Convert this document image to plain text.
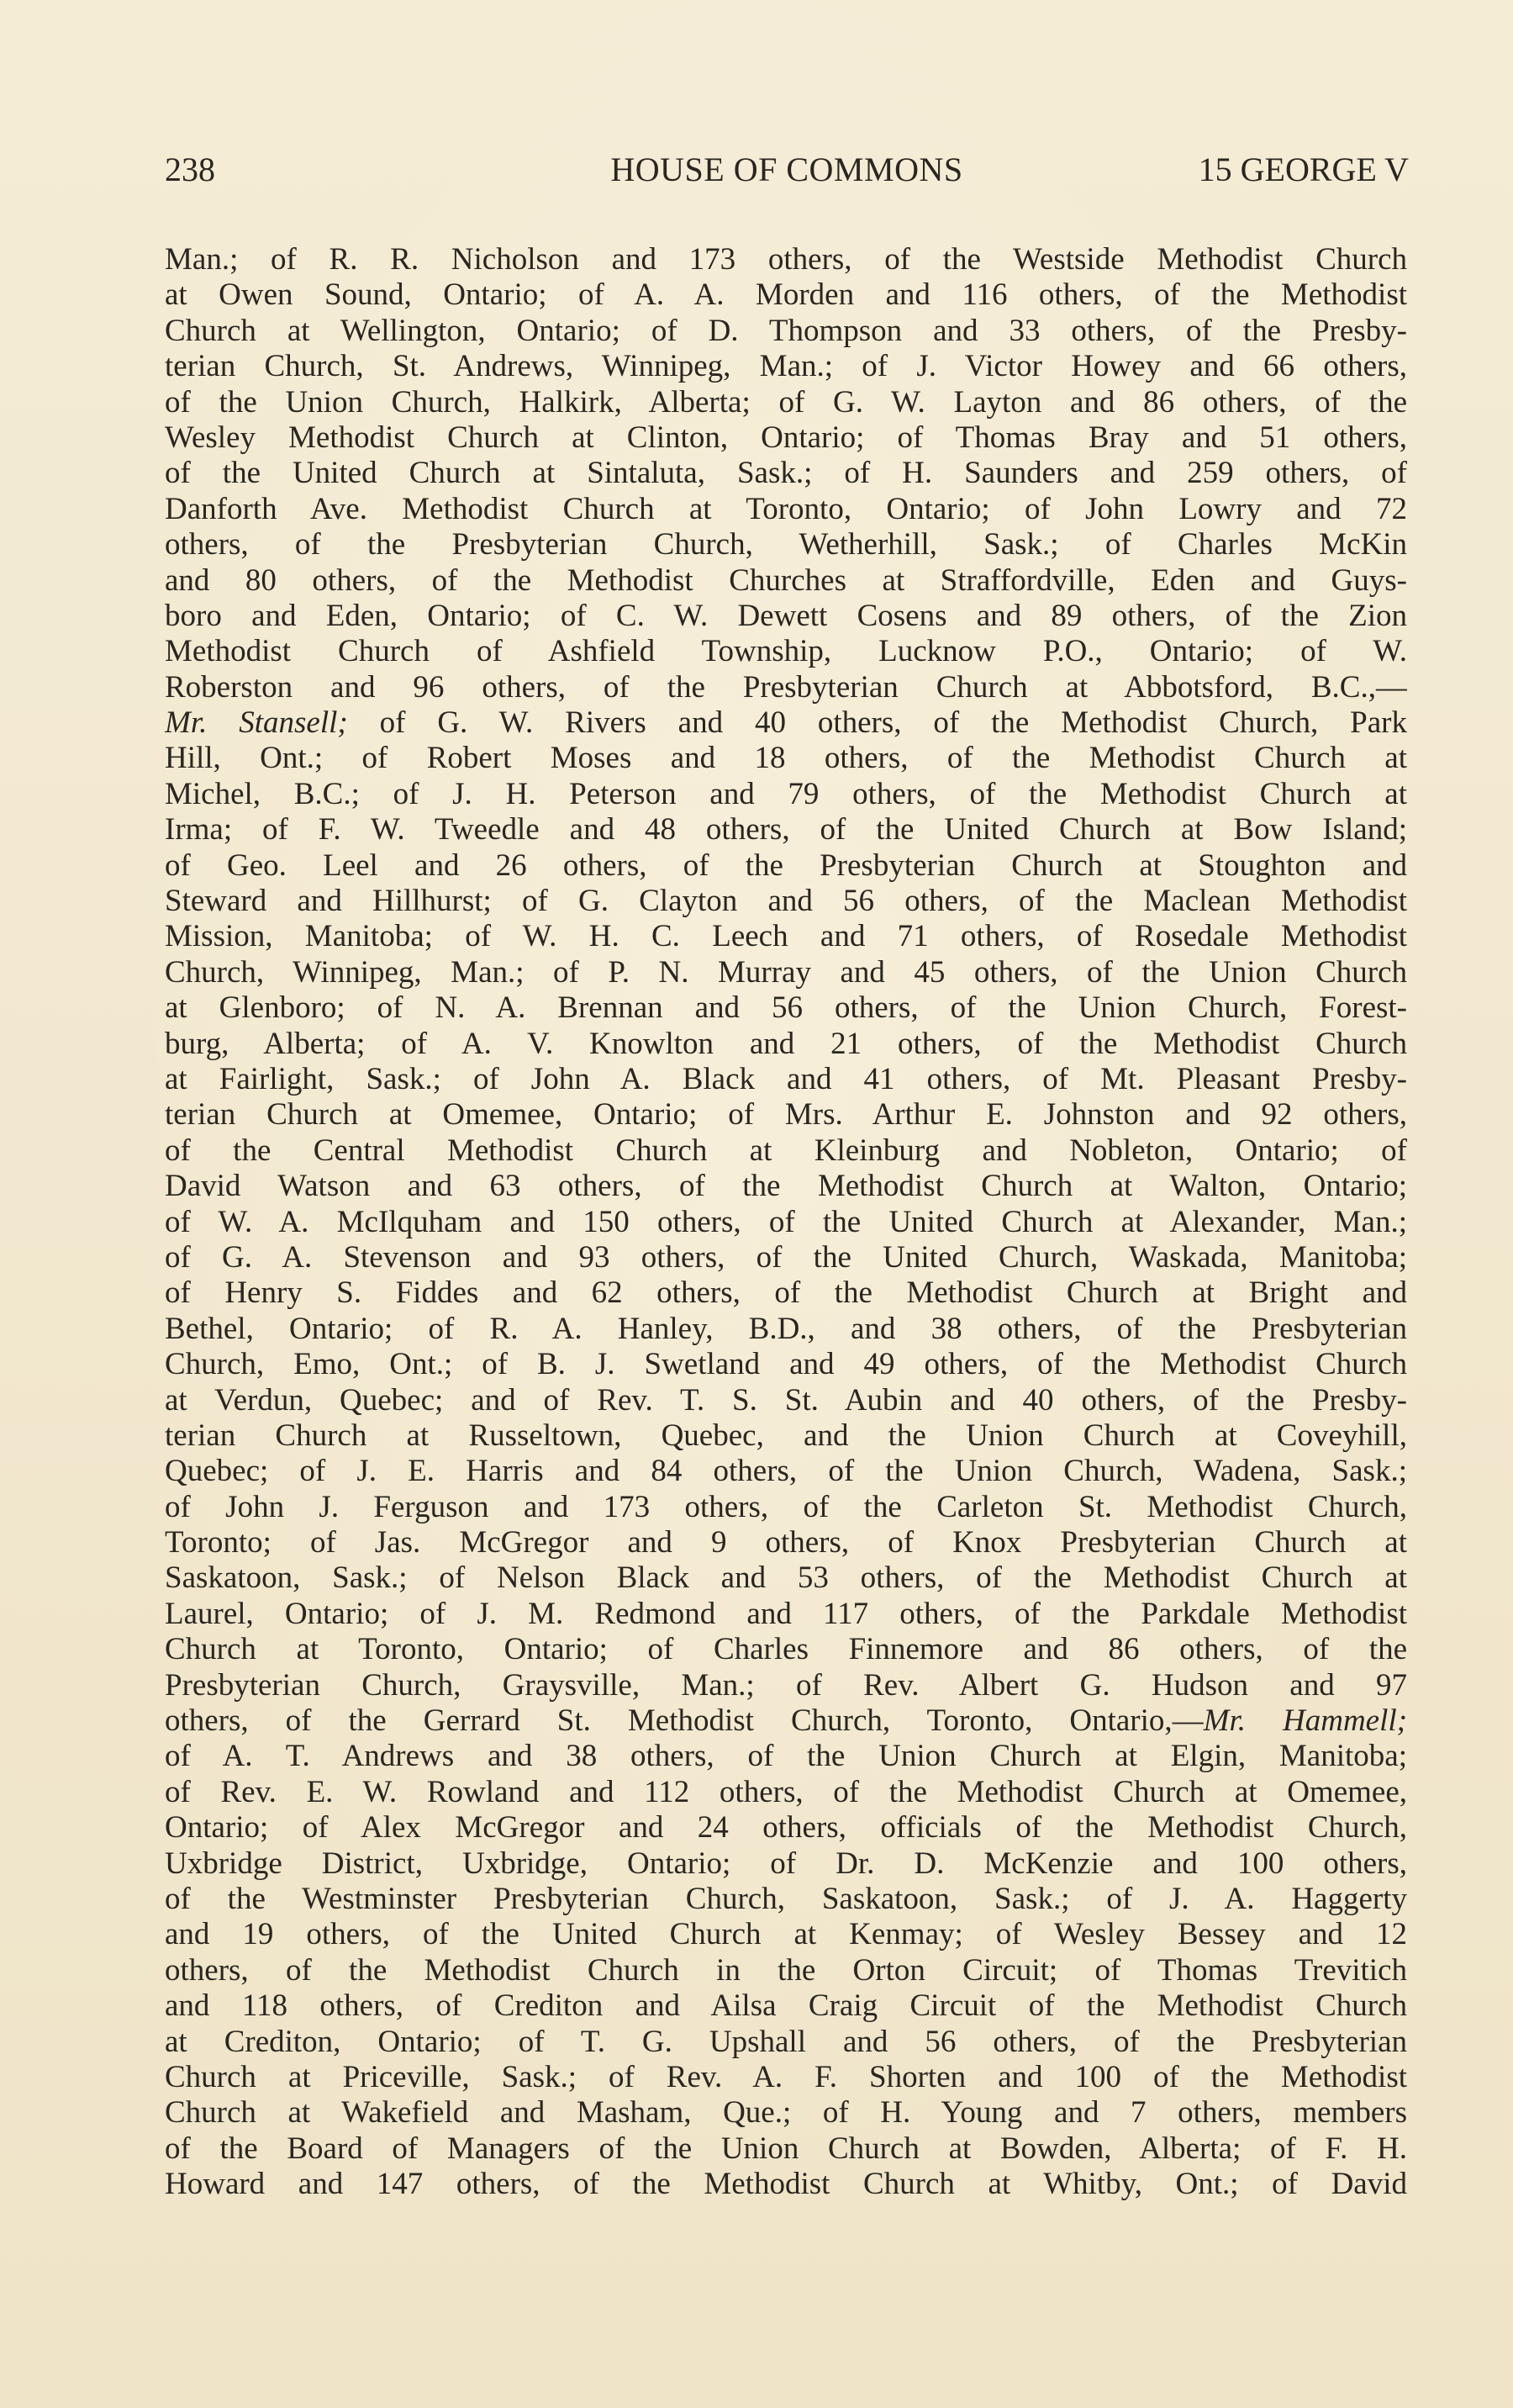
238	HOUSE OF COMMONS	15 GEORGE V
Man.; of R. R. Nicholson and 173 others, of the Westside Methodist Church
at Owen Sound, Ontario; of A. A. Morden and 116 others, of the Methodist
Church at Wellington, Ontario; of D. Thompson and 33 others, of the Presby-
terian Church, St. Andrews, Winnipeg, Man.; of J. Victor Howey and 66 others,
of the Union Church, Halkirk, Alberta; of G. W. Layton and 86 others, of the
Wesley Methodist Church at Clinton, Ontario; of Thomas Bray and 51 others,
of the United Church at Sintaluta, Sask.; of H. Saunders and 259 others, of
Danforth Ave. Methodist Church at Toronto, Ontario; of John Lowry and 72
others, of the Presbyterian Church, Wetherhill, Sask.; of Charles McKin
and 80 others, of the Methodist Churches at Straffordville, Eden and Guys-
boro and Eden, Ontario; of C. W. Dewett Cosens and 89 others, of the Zion
Methodist Church of Ashfield Township, Lucknow P.O., Ontario; of W.
Roberston and 96 others, of the Presbyterian Church at Abbotsford, B.C.,—
Mr. Stansell; of G. W. Rivers and 40 others, of the Methodist Church, Park
Hill, Ont.; of Robert Moses and 18 others, of the Methodist Church at
Michel, B.C.; of J. H. Peterson and 79 others, of the Methodist Church at
Irma; of F. W. Tweedle and 48 others, of the United Church at Bow Island;
of Geo. Leel and 26 others, of the Presbyterian Church at Stoughton and
Steward and Hillhurst; of G. Clayton and 56 others, of the Maclean Methodist
Mission, Manitoba; of W. H. C. Leech and 71 others, of Rosedale Methodist
Church, Winnipeg, Man.; of P. N. Murray and 45 others, of the Union Church
at Glenboro; of N. A. Brennan and 56 others, of the Union Church, Forest-
burg, Alberta; of A. V. Knowlton and 21 others, of the Methodist Church
at Fairlight, Sask.; of John A. Black and 41 others, of Mt. Pleasant Presby-
terian Church at Omemee, Ontario; of Mrs. Arthur E. Johnston and 92 others,
of the Central Methodist Church at Kleinburg and Nobleton, Ontario; of
David Watson and 63 others, of the Methodist Church at Walton, Ontario;
of W. A. McIlquham and 150 others, of the United Church at Alexander, Man.;
of G. A. Stevenson and 93 others, of the United Church, Waskada, Manitoba;
of Henry S. Fiddes and 62 others, of the Methodist Church at Bright and
Bethel, Ontario; of R. A. Hanley, B.D., and 38 others, of the Presbyterian
Church, Emo, Ont.; of B. J. Swetland and 49 others, of the Methodist Church
at Verdun, Quebec; and of Rev. T. S. St. Aubin and 40 others, of the Presby-
terian Church at Russeltown, Quebec, and the Union Church at Coveyhill,
Quebec; of J. E. Harris and 84 others, of the Union Church, Wadena, Sask.;
of John J. Ferguson and 173 others, of the Carleton St. Methodist Church,
Toronto; of Jas. McGregor and 9 others, of Knox Presbyterian Church at
Saskatoon, Sask.; of Nelson Black and 53 others, of the Methodist Church at
Laurel, Ontario; of J. M. Redmond and 117 others, of the Parkdale Methodist
Church at Toronto, Ontario; of Charles Finnemore and 86 others, of the
Presbyterian Church, Graysville, Man.; of Rev. Albert G. Hudson and 97
others, of the Gerrard St. Methodist Church, Toronto, Ontario,—Mr. Hammell;
of A. T. Andrews and 38 others, of the Union Church at Elgin, Manitoba;
of Rev. E. W. Rowland and 112 others, of the Methodist Church at Omemee,
Ontario; of Alex McGregor and 24 others, officials of the Methodist Church,
Uxbridge District, Uxbridge, Ontario; of Dr. D. McKenzie and 100 others,
of the Westminster Presbyterian Church, Saskatoon, Sask.; of J. A. Haggerty
and 19 others, of the United Church at Kenmay; of Wesley Bessey and 12
others, of the Methodist Church in the Orton Circuit; of Thomas Trevitich
and 118 others, of Crediton and Ailsa Craig Circuit of the Methodist Church
at Crediton, Ontario; of T. G. Upshall and 56 others, of the Presbyterian
Church at Priceville, Sask.; of Rev. A. F. Shorten and 100 of the Methodist
Church at Wakefield and Masham, Que.; of H. Young and 7 others, members
of the Board of Managers of the Union Church at Bowden, Alberta; of F. H.
Howard and 147 others, of the Methodist Church at Whitby, Ont.; of David
